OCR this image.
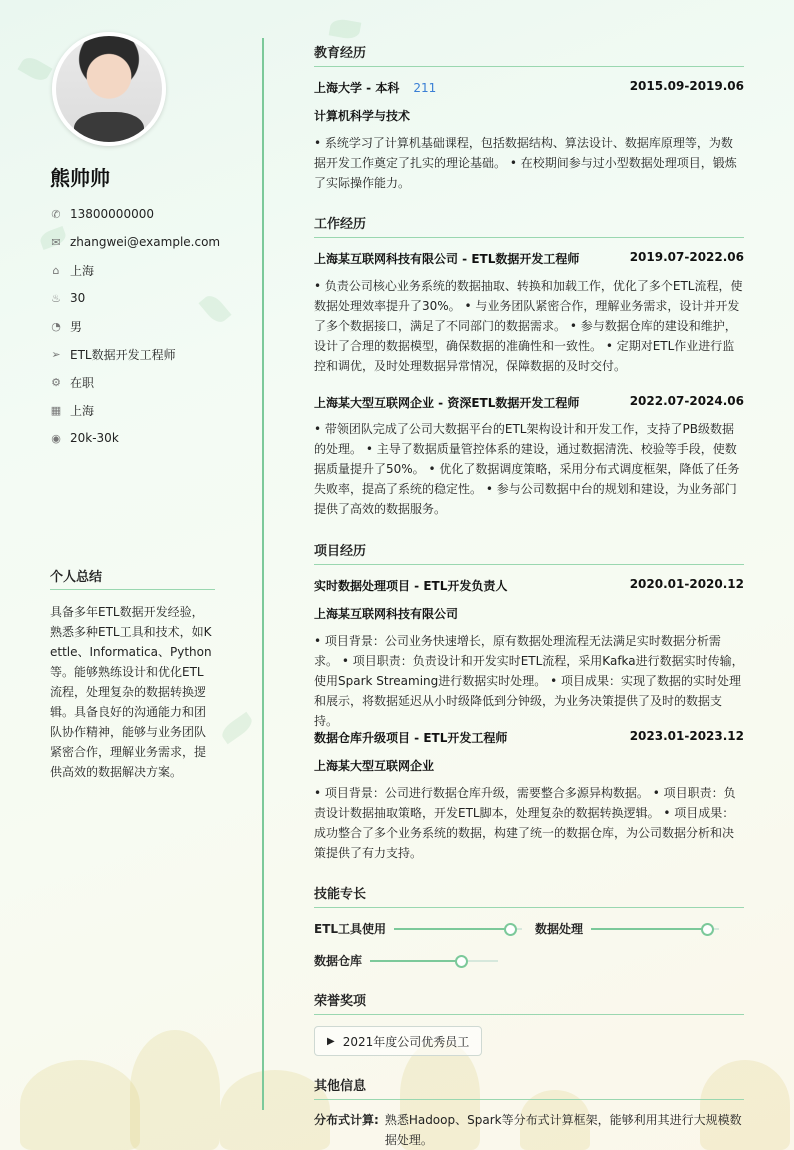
熊帅帅
✆ 13800000000
✉ zhangwei@example.com
⌂ 上海
♨ 30
◔ 男
➢ ETL数据开发工程师
⚙ 在职
▦ 上海
◉ 20k-30k
个人总结
具备多年ETL数据开发经验，熟悉多种ETL工具和技术，如Kettle、Informatica、Python等。能够熟练设计和优化ETL流程，处理复杂的数据转换逻辑。具备良好的沟通能力和团队协作精神，能够与业务团队紧密合作，理解业务需求，提供高效的数据解决方案。
教育经历
上海大学 - 本科 211	2015.09-2019.06
计算机科学与技术
• 系统学习了计算机基础课程，包括数据结构、算法设计、数据库原理等，为数据开发工作奠定了扎实的理论基础。 • 在校期间参与过小型数据处理项目，锻炼了实际操作能力。
工作经历
上海某互联网科技有限公司 - ETL数据开发工程师	2019.07-2022.06
• 负责公司核心业务系统的数据抽取、转换和加载工作，优化了多个ETL流程，使数据处理效率提升了30%。 • 与业务团队紧密合作，理解业务需求，设计并开发了多个数据接口，满足了不同部门的数据需求。 • 参与数据仓库的建设和维护，设计了合理的数据模型，确保数据的准确性和一致性。 • 定期对ETL作业进行监控和调优，及时处理数据异常情况，保障数据的及时交付。
上海某大型互联网企业 - 资深ETL数据开发工程师	2022.07-2024.06
• 带领团队完成了公司大数据平台的ETL架构设计和开发工作，支持了PB级数据的处理。 • 主导了数据质量管控体系的建设，通过数据清洗、校验等手段，使数据质量提升了50%。 • 优化了数据调度策略，采用分布式调度框架，降低了任务失败率，提高了系统的稳定性。 • 参与公司数据中台的规划和建设，为业务部门提供了高效的数据服务。
项目经历
实时数据处理项目 - ETL开发负责人	2020.01-2020.12
上海某互联网科技有限公司
• 项目背景：公司业务快速增长，原有数据处理流程无法满足实时数据分析需求。 • 项目职责：负责设计和开发实时ETL流程，采用Kafka进行数据实时传输，使用Spark Streaming进行数据实时处理。 • 项目成果：实现了数据的实时处理和展示，将数据延迟从小时级降低到分钟级，为业务决策提供了及时的数据支持。
数据仓库升级项目 - ETL开发工程师	2023.01-2023.12
上海某大型互联网企业
• 项目背景：公司进行数据仓库升级，需要整合多源异构数据。 • 项目职责：负责设计数据抽取策略，开发ETL脚本，处理复杂的数据转换逻辑。 • 项目成果：成功整合了多个业务系统的数据，构建了统一的数据仓库，为公司数据分析和决策提供了有力支持。
技能专长
ETL工具使用	数据处理
数据仓库
荣誉奖项
▶ 2021年度公司优秀员工
其他信息
分布式计算: 熟悉Hadoop、Spark等分布式计算框架，能够利用其进行大规模数据处理。
